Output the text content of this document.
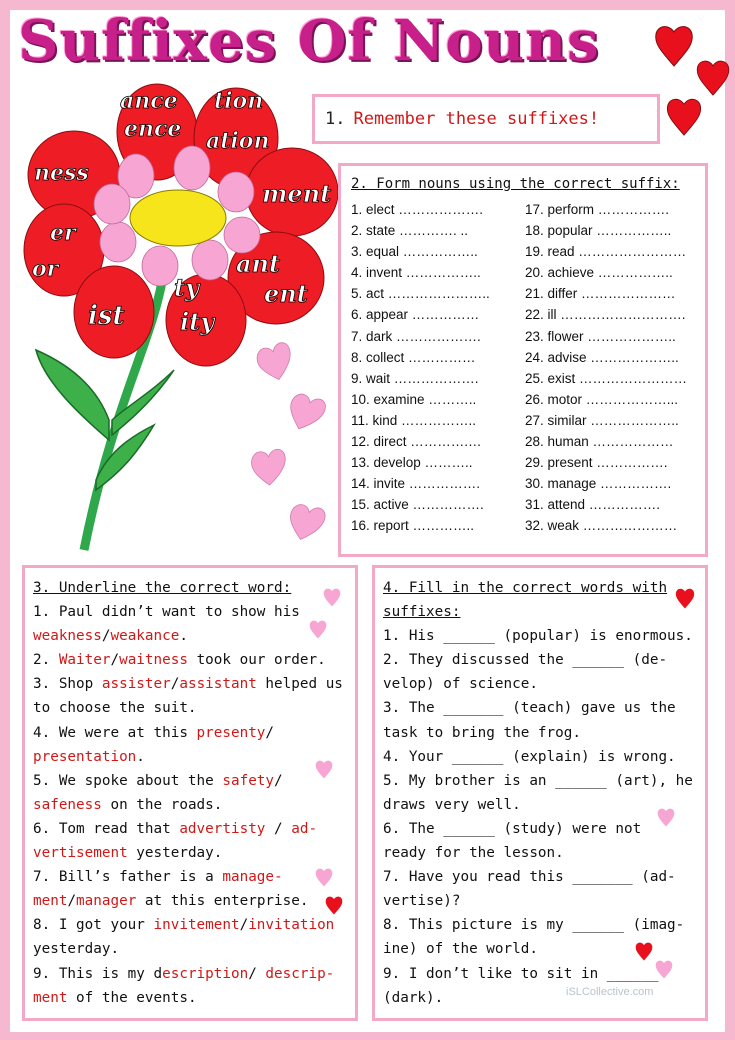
Suffixes Of Nouns
ance
ence
tion
ation
ness
ment
er
or	ant
ent
ist
ty
ity
1. Remember these suffixes!
2. Form nouns using the correct suffix:
1. elect ……………….
2. state …………. ..
3. equal ……………..
4. invent ……………..
5. act …………………..
6. appear ……………
7. dark ……………….
8. collect ……………
9. wait ……………….
10. examine ………..
11. kind ……………..
12. direct ………….…
13. develop ………..
14. invite …………….
15. active …………….
16. report …………..
17. perform …………….
18. popular ……………..
19. read ……………………
20. achieve ……………..
21. differ …………………
22. ill ……………………….
23. flower ………………..
24. advise ………………..
25. exist ……………………
26. motor ………………...
27. similar ………………..
28. human ………………
29. present …………….
30. manage …………….
31. attend …………….
32. weak …………………
3. Underline the correct word:
1. Paul didn’t want to show his
weakness/weakance.
2. Waiter/waitness took our order.
3. Shop assister/assistant helped us
to choose the suit.
4. We were at this presenty/
presentation.
5. We spoke about the safety/
safeness on the roads.
6. Tom read that advertisty / ad-
vertisement yesterday.
7. Bill’s father is a manage-
ment/manager at this enterprise.
8. I got your invitement/invitation
yesterday.
9. This is my description/ descrip-
ment of the events.
4. Fill in the correct words with
suffixes:
1. His ______ (popular) is enormous.
2. They discussed the ______ (de-
velop) of science.
3. The _______ (teach) gave us the
task to bring the frog.
4. Your ______ (explain) is wrong.
5. My brother is an ______ (art), he
draws very well.
6. The ______ (study) were not
ready for the lesson.
7. Have you read this _______ (ad-
vertise)?
8. This picture is my ______ (imag-
ine) of the world.
9. I don’t like to sit in ______
(dark).	iSLCollective.com
